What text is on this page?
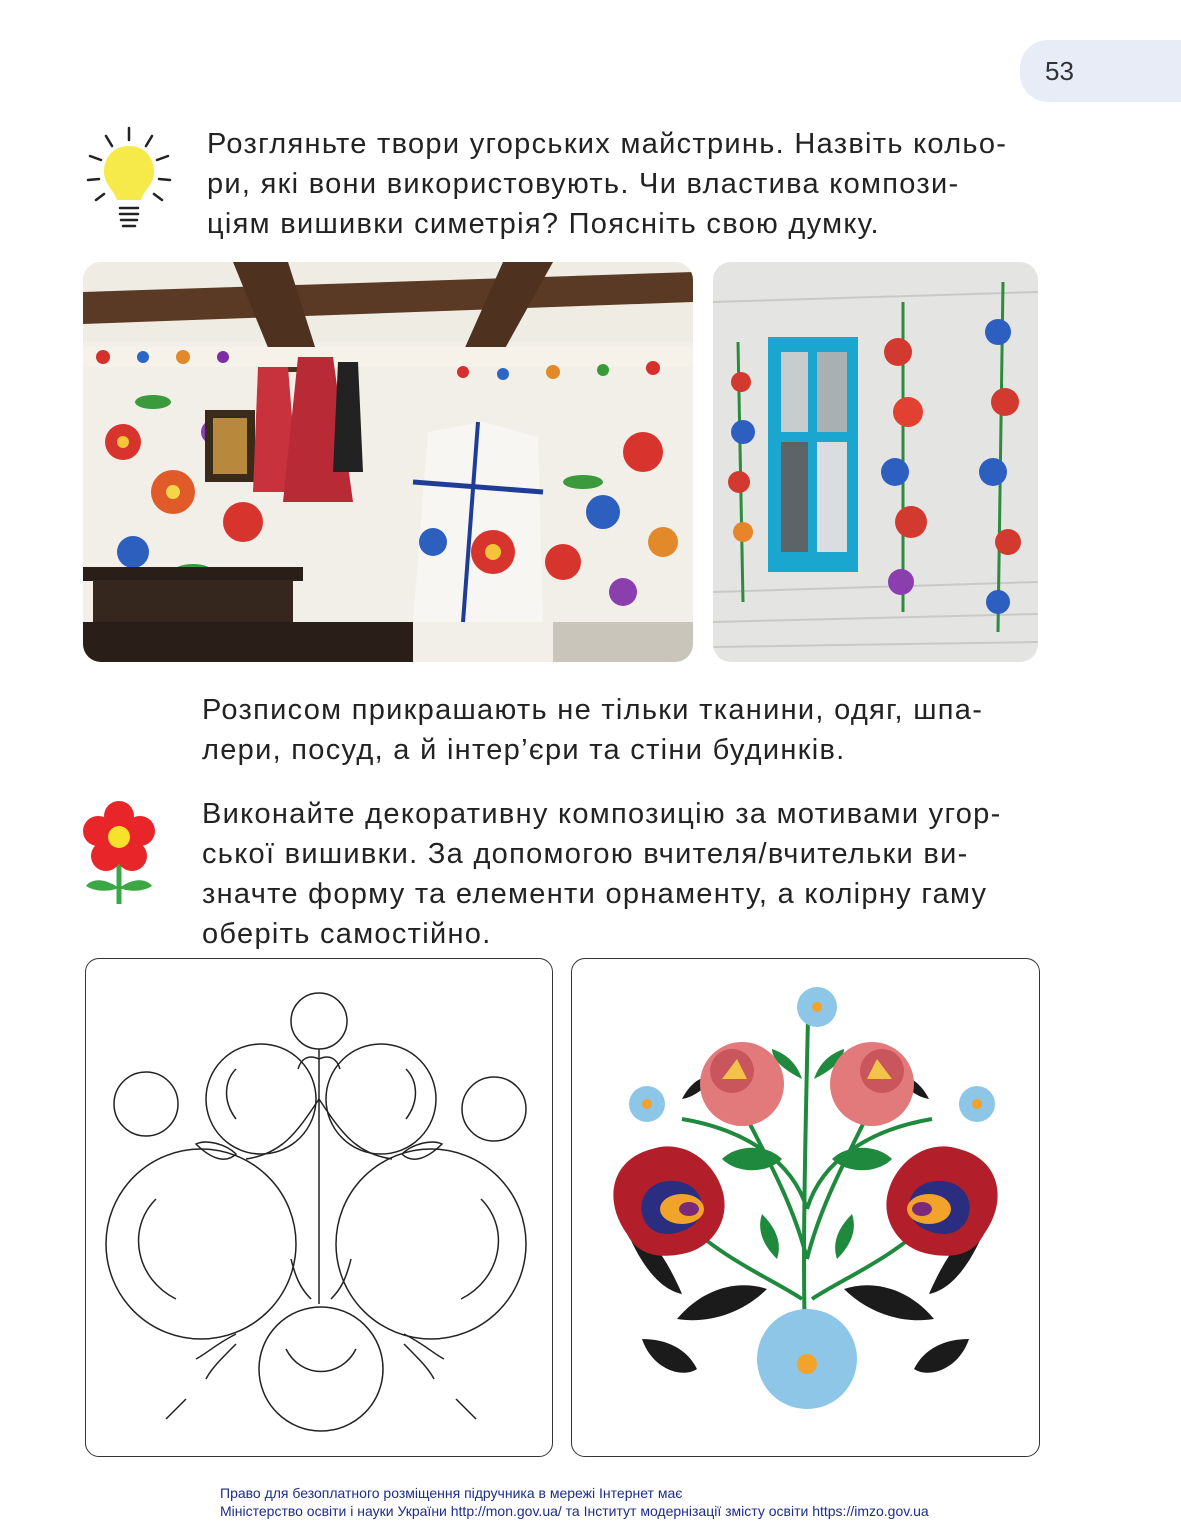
53
Розгляньте твори угорських майстринь. Назвіть кольо-
ри, які вони використовують. Чи властива компози-
ціям вишивки симетрія? Поясніть свою думку.
Розписом прикрашають не тільки тканини, одяг, шпа-
лери, посуд, а й інтер’єри та стіни будинків.
Виконайте декоративну композицію за мотивами угор-
ської вишивки. За допомогою вчителя/вчительки ви-
значте форму та елементи орнаменту, а колірну гаму
оберіть самостійно.
Право для безоплатного розміщення підручника в мережі Інтернет має
Міністерство освіти і науки України http://mon.gov.ua/ та Інститут модернізації змісту освіти https://imzo.gov.ua
